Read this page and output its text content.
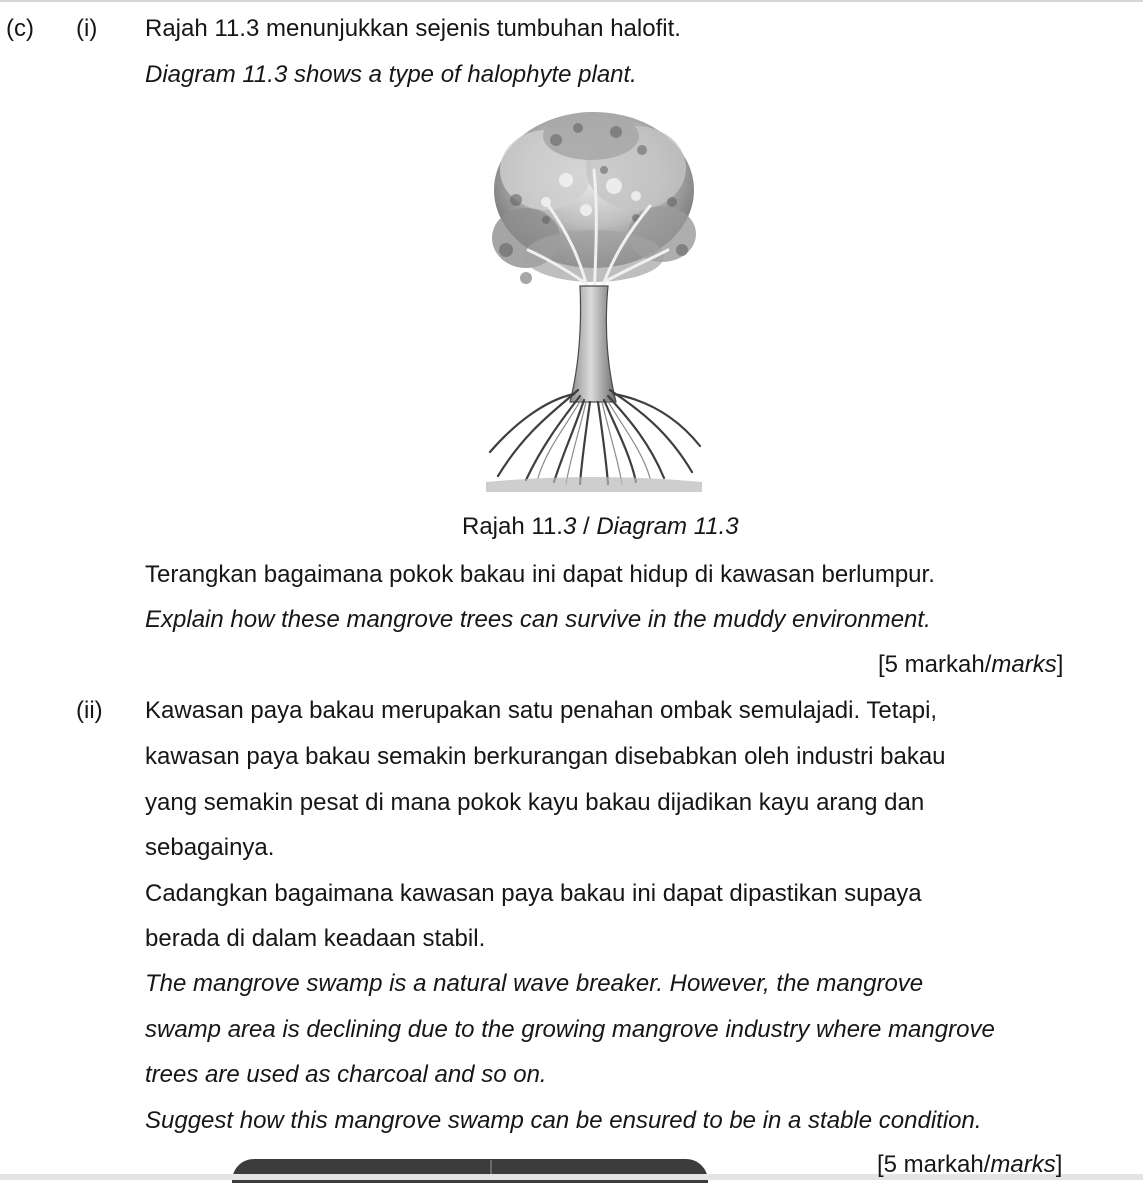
(c) (i) Rajah 11.3 menunjukkan sejenis tumbuhan halofit.
Diagram 11.3 shows a type of halophyte plant.
Rajah 11.3 / Diagram 11.3
Terangkan bagaimana pokok bakau ini dapat hidup di kawasan berlumpur.
Explain how these mangrove trees can survive in the muddy environment.
[5 markah/marks]
(ii) Kawasan paya bakau merupakan satu penahan ombak semulajadi. Tetapi,
kawasan paya bakau semakin berkurangan disebabkan oleh industri bakau
yang semakin pesat di mana pokok kayu bakau dijadikan kayu arang dan
sebagainya.
Cadangkan bagaimana kawasan paya bakau ini dapat dipastikan supaya
berada di dalam keadaan stabil.
The mangrove swamp is a natural wave breaker. However, the mangrove
swamp area is declining due to the growing mangrove industry where mangrove
trees are used as charcoal and so on.
Suggest how this mangrove swamp can be ensured to be in a stable condition.
[5 markah/marks]
